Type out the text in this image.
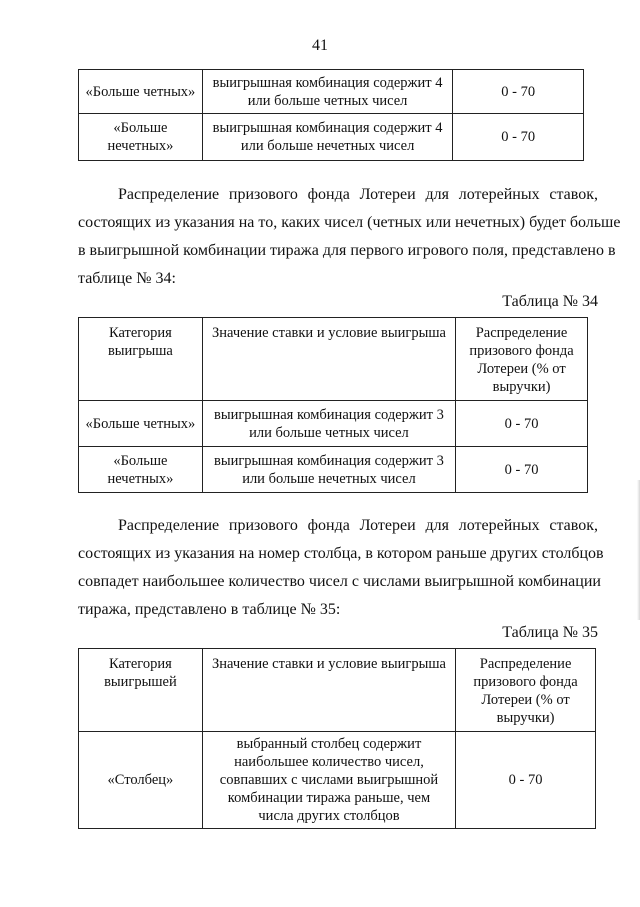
41
«Больше четных»	выигрышная комбинация содержит 4 или больше четных чисел	0 - 70
«Больше нечетных»	выигрышная комбинация содержит 4 или больше нечетных чисел	0 - 70
Распределение призового фонда Лотереи для лотерейных ставок,
состоящих из указания на то, каких чисел (четных или нечетных) будет больше
в выигрышной комбинации тиража для первого игрового поля, представлено в
таблице № 34:
Таблица № 34
Категория выигрыша	Значение ставки и условие выигрыша	Распределение призового фонда Лотереи (% от выручки)
«Больше четных»	выигрышная комбинация содержит 3 или больше четных чисел	0 - 70
«Больше нечетных»	выигрышная комбинация содержит 3 или больше нечетных чисел	0 - 70
Распределение призового фонда Лотереи для лотерейных ставок,
состоящих из указания на номер столбца, в котором раньше других столбцов
совпадет наибольшее количество чисел с числами выигрышной комбинации
тиража, представлено в таблице № 35:
Таблица № 35
Категория выигрышей	Значение ставки и условие выигрыша	Распределение призового фонда Лотереи (% от выручки)
«Столбец»	выбранный столбец содержит наибольшее количество чисел, совпавших с числами выигрышной комбинации тиража раньше, чем числа других столбцов	0 - 70
